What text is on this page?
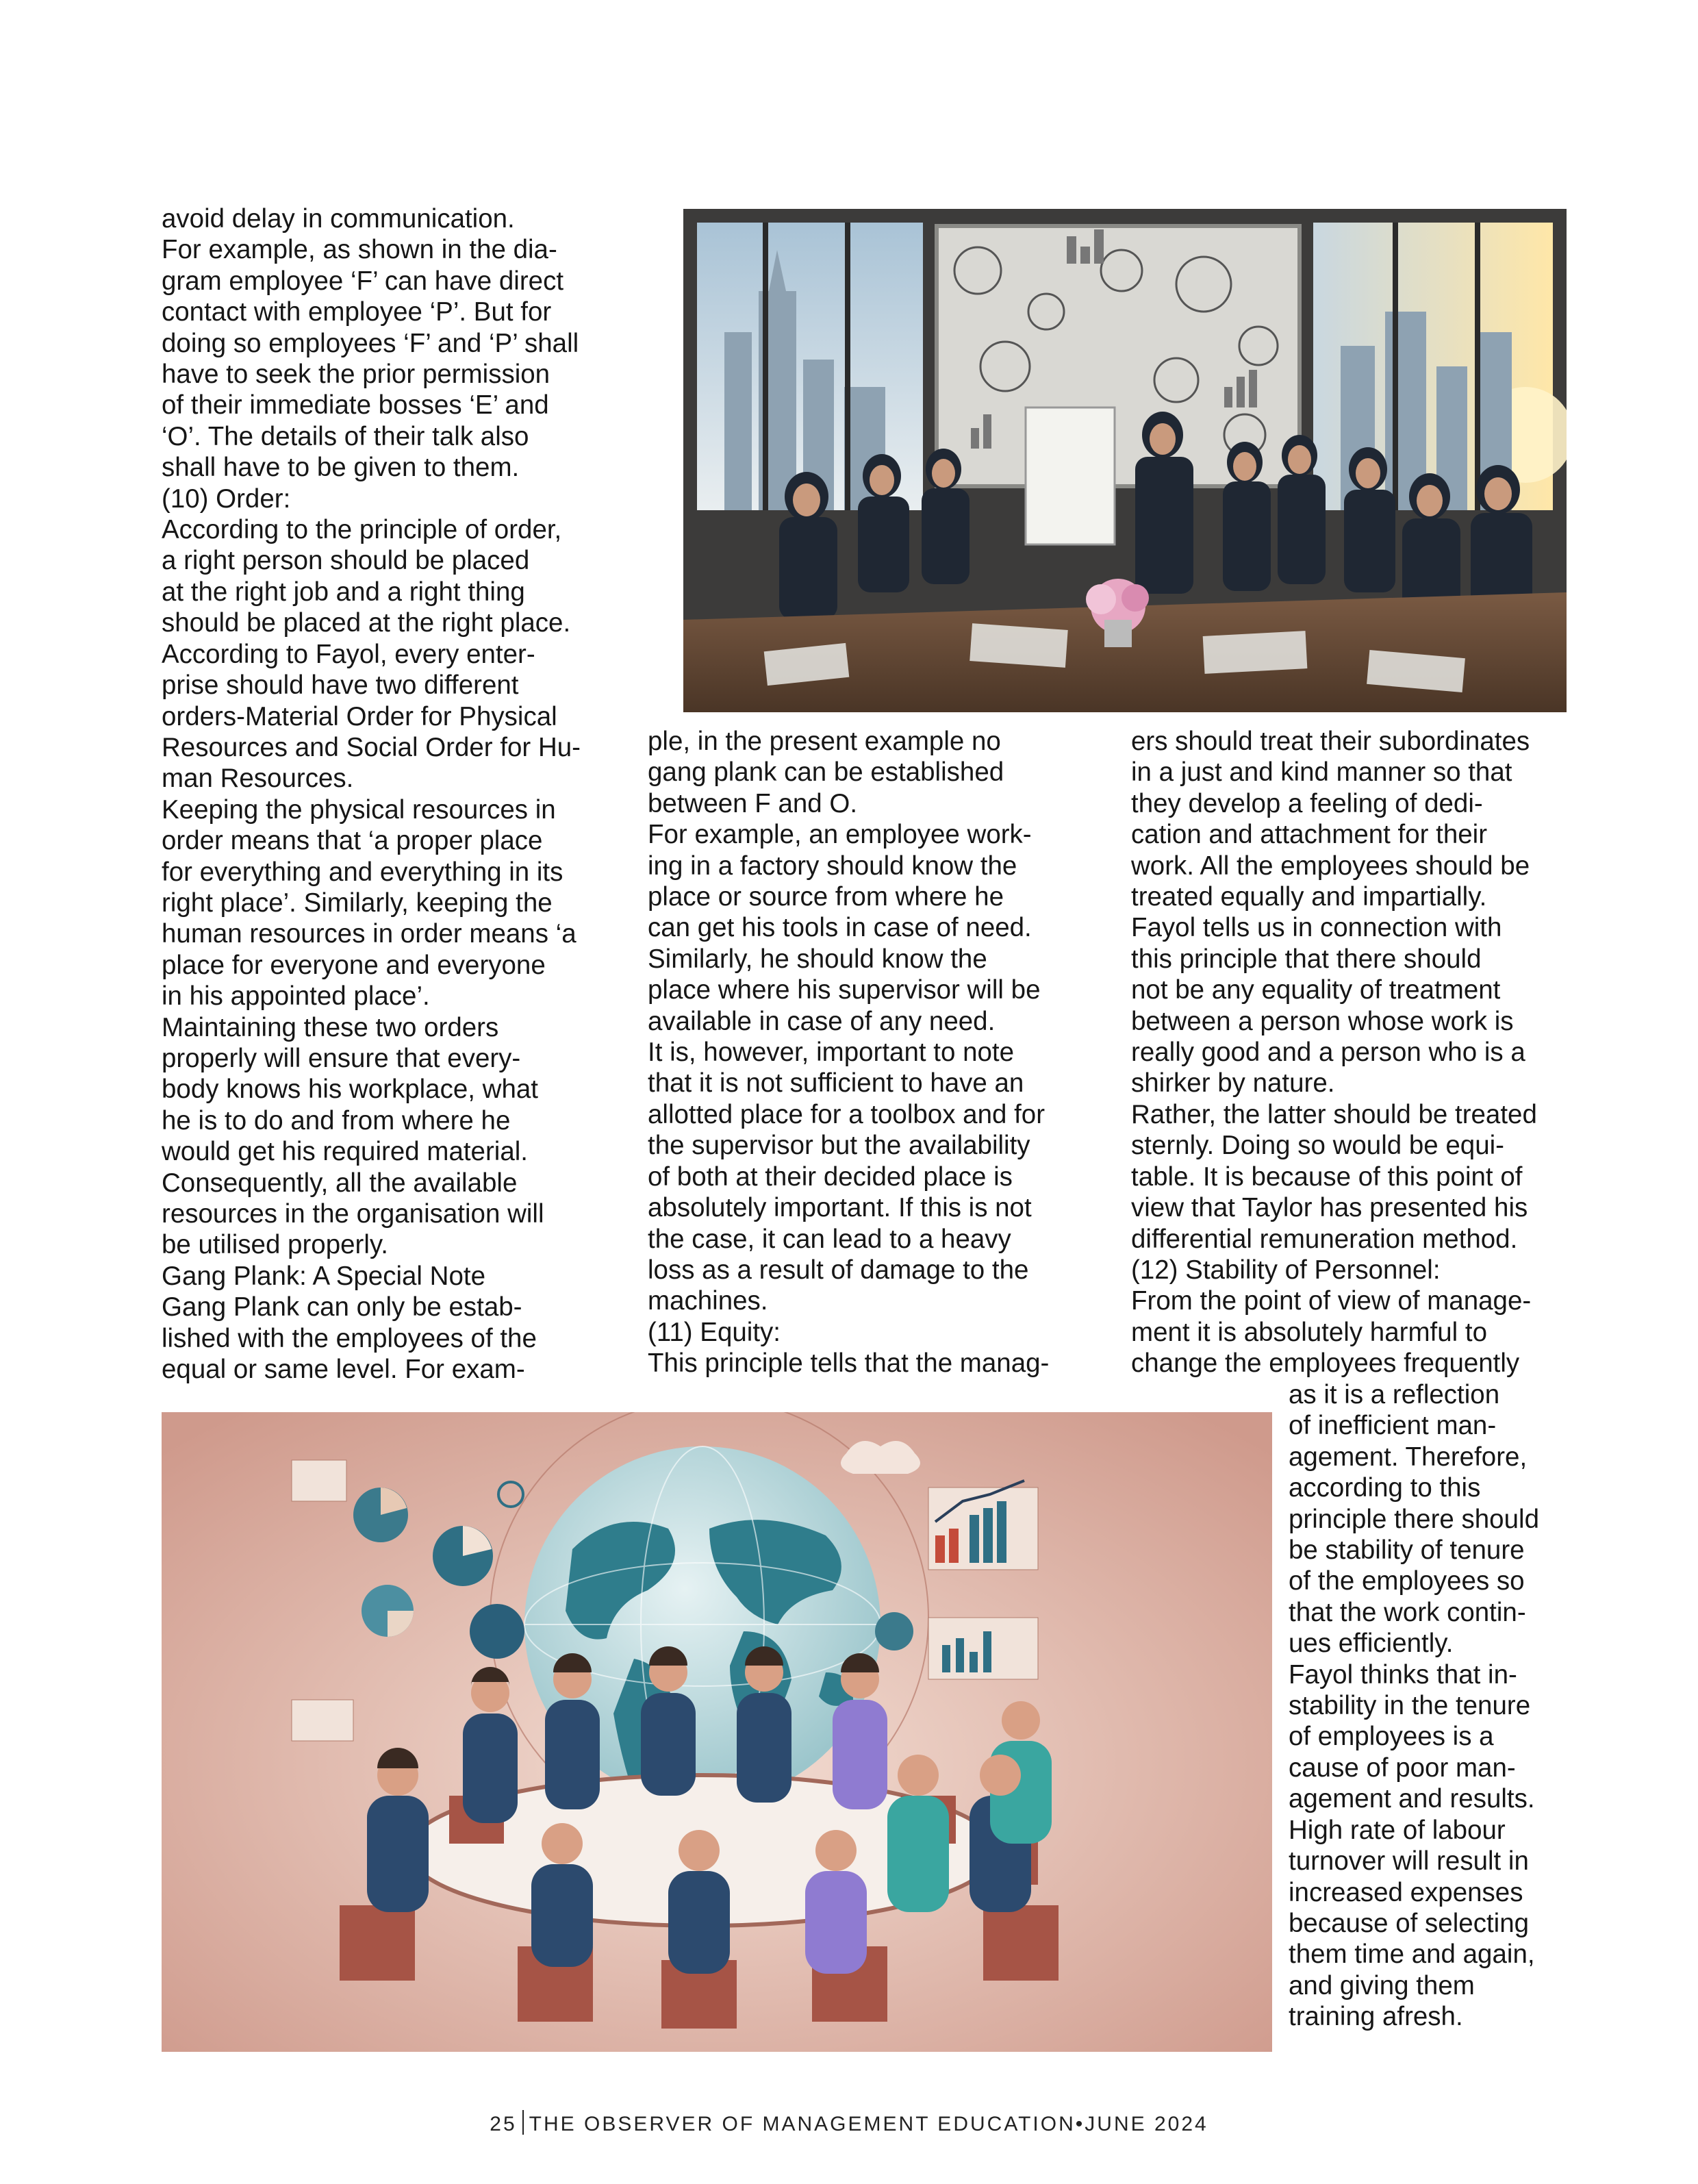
avoid delay in communication.
For example, as shown in the dia-
gram employee ‘F’ can have direct
contact with employee ‘P’. But for
doing so employees ‘F’ and ‘P’ shall
have to seek the prior permission
of their immediate bosses ‘E’ and
‘O’. The details of their talk also
shall have to be given to them.
(10) Order:
According to the principle of order,
a right person should be placed
at the right job and a right thing
should be placed at the right place.
According to Fayol, every enter-
prise should have two different
orders-Material Order for Physical
Resources and Social Order for Hu-
man Resources.
Keeping the physical resources in
order means that ‘a proper place
for everything and everything in its
right place’. Similarly, keeping the
human resources in order means ‘a
place for everyone and everyone
in his appointed place’.
Maintaining these two orders
properly will ensure that every-
body knows his workplace, what
he is to do and from where he
would get his required material.
Consequently, all the available
resources in the organisation will
be utilised properly.
Gang Plank: A Special Note
Gang Plank can only be estab-
lished with the employees of the
equal or same level. For exam-
ple, in the present example no
gang plank can be established
between F and O.
For example, an employee work-
ing in a factory should know the
place or source from where he
can get his tools in case of need.
Similarly, he should know the
place where his supervisor will be
available in case of any need.
It is, however, important to note
that it is not sufficient to have an
allotted place for a toolbox and for
the supervisor but the availability
of both at their decided place is
absolutely important. If this is not
the case, it can lead to a heavy
loss as a result of damage to the
machines.
(11) Equity:
This principle tells that the manag-
ers should treat their subordinates
in a just and kind manner so that
they develop a feeling of dedi-
cation and attachment for their
work. All the employees should be
treated equally and impartially.
Fayol tells us in connection with
this principle that there should
not be any equality of treatment
between a person whose work is
really good and a person who is a
shirker by nature.
Rather, the latter should be treated
sternly. Doing so would be equi-
table. It is because of this point of
view that Taylor has presented his
differential remuneration method.
(12) Stability of Personnel:
From the point of view of manage-
ment it is absolutely harmful to
change the employees frequently
as it is a reflection
of inefficient man-
agement. Therefore,
according to this
principle there should
be stability of tenure
of the employees so
that the work contin-
ues efficiently.
Fayol thinks that in-
stability in the tenure
of employees is a
cause of poor man-
agement and results.
High rate of labour
turnover will result in
increased expenses
because of selecting
them time and again,
and giving them
training afresh.
25 THE OBSERVER OF MANAGEMENT EDUCATION•JUNE 2024
